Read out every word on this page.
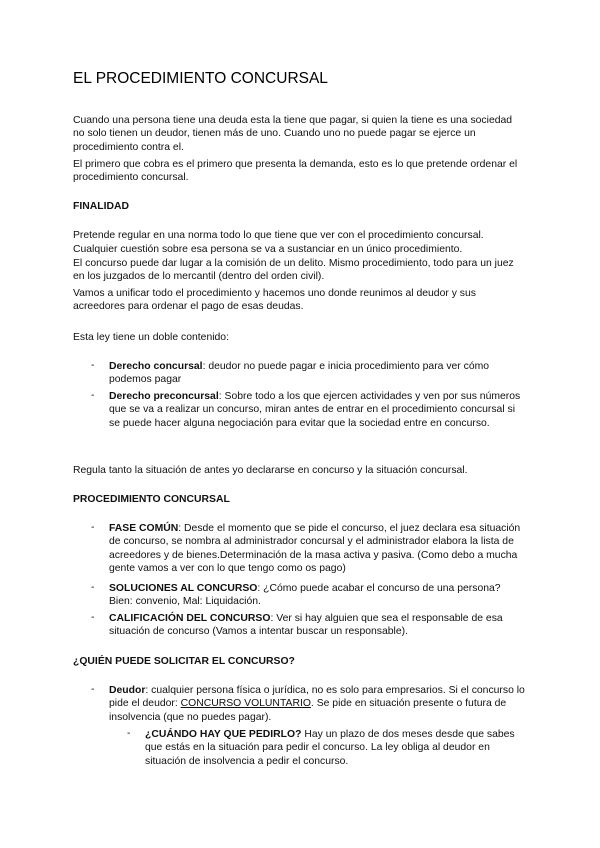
EL PROCEDIMIENTO CONCURSAL

Cuando una persona tiene una deuda esta la tiene que pagar, si quien la tiene es una sociedad no solo tienen un deudor, tienen más de uno. Cuando uno no puede pagar se ejerce un procedimiento contra el.

El primero que cobra es el primero que presenta la demanda, esto es lo que pretende ordenar el procedimiento concursal.

FINALIDAD

Pretende regular en una norma todo lo que tiene que ver con el procedimiento concursal.

Cualquier cuestión sobre esa persona se va a sustanciar en un único procedimiento.

El concurso puede dar lugar a la comisión de un delito. Mismo procedimiento, todo para un juez en los juzgados de lo mercantil (dentro del orden civil).

Vamos a unificar todo el procedimiento y hacemos uno donde reunimos al deudor y sus acreedores para ordenar el pago de esas deudas.

Esta ley tiene un doble contenido:

- Derecho concursal: deudor no puede pagar e inicia procedimiento para ver cómo podemos pagar

- Derecho preconcursal: Sobre todo a los que ejercen actividades y ven por sus números que se va a realizar un concurso, miran antes de entrar en el procedimiento concursal si se puede hacer alguna negociación para evitar que la sociedad entre en concurso.

Regula tanto la situación de antes yo declararse en concurso y la situación concursal.

PROCEDIMIENTO CONCURSAL

- FASE COMÚN: Desde el momento que se pide el concurso, el juez declara esa situación de concurso, se nombra al administrador concursal y el administrador elabora la lista de acreedores y de bienes.Determinación de la masa activa y pasiva. (Como debo a mucha gente vamos a ver con lo que tengo como os pago)

- SOLUCIONES AL CONCURSO: ¿Cómo puede acabar el concurso de una persona? Bien: convenio, Mal: Liquidación.

- CALIFICACIÓN DEL CONCURSO: Ver si hay alguien que sea el responsable de esa situación de concurso (Vamos a intentar buscar un responsable).

¿QUIÉN PUEDE SOLICITAR EL CONCURSO?

- Deudor: cualquier persona física o jurídica, no es solo para empresarios. Si el concurso lo pide el deudor: CONCURSO VOLUNTARIO. Se pide en situación presente o futura de insolvencia (que no puedes pagar).

- ¿CUÁNDO HAY QUE PEDIRLO? Hay un plazo de dos meses desde que sabes que estás en la situación para pedir el concurso. La ley obliga al deudor en situación de insolvencia a pedir el concurso.
